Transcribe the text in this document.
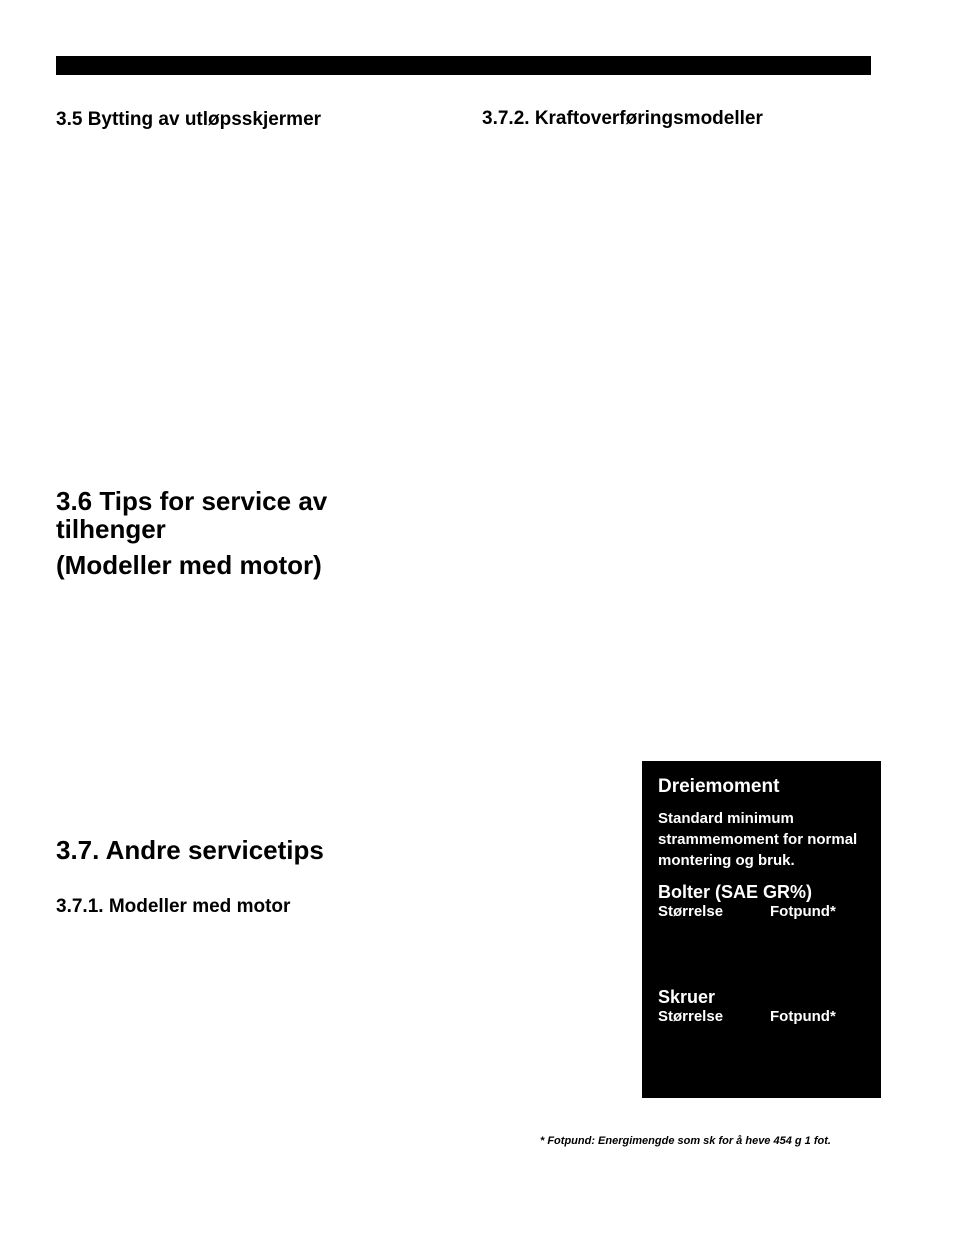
3.5 Bytting av utløpsskjermer	3.7.2. Kraftoverføringsmodeller
3.6 Tips for service av tilhenger
(Modeller med motor)
3.7. Andre servicetips
3.7.1. Modeller med motor
Dreiemoment
Standard minimum strammemoment for normal montering og bruk.
Bolter (SAE GR%)
Størrelse	Fotpund*
Skruer
Størrelse	Fotpund*
* Fotpund: Energimengde som sk for å heve 454 g 1 fot.
